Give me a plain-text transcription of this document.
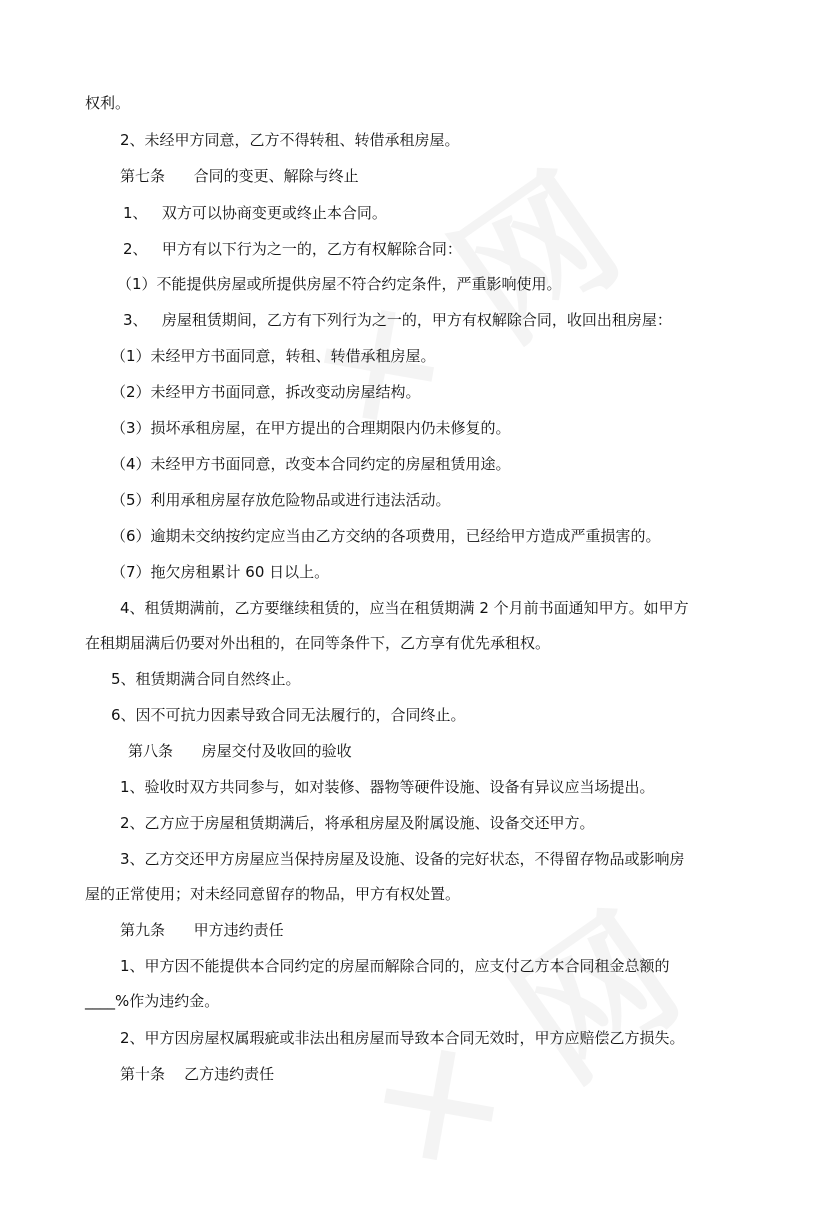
权利。
2、未经甲方同意，乙方不得转租、转借承租房屋。
第七条      合同的变更、解除与终止
1、   双方可以协商变更或终止本合同。
2、   甲方有以下行为之一的，乙方有权解除合同：
（1）不能提供房屋或所提供房屋不符合约定条件，严重影响使用。
3、   房屋租赁期间，乙方有下列行为之一的，甲方有权解除合同，收回出租房屋：
（1）未经甲方书面同意，转租、转借承租房屋。
（2）未经甲方书面同意，拆改变动房屋结构。
（3）损坏承租房屋，在甲方提出的合理期限内仍未修复的。
（4）未经甲方书面同意，改变本合同约定的房屋租赁用途。
（5）利用承租房屋存放危险物品或进行违法活动。
（6）逾期未交纳按约定应当由乙方交纳的各项费用，已经给甲方造成严重损害的。
（7）拖欠房租累计 60 日以上。
4、租赁期满前，乙方要继续租赁的，应当在租赁期满 2 个月前书面通知甲方。如甲方
在租期届满后仍要对外出租的，在同等条件下，乙方享有优先承租权。
5、租赁期满合同自然终止。
6、因不可抗力因素导致合同无法履行的，合同终止。
第八条      房屋交付及收回的验收
1、验收时双方共同参与，如对装修、器物等硬件设施、设备有异议应当场提出。
2、乙方应于房屋租赁期满后，将承租房屋及附属设施、设备交还甲方。
3、乙方交还甲方房屋应当保持房屋及设施、设备的完好状态，不得留存物品或影响房
屋的正常使用；对未经同意留存的物品，甲方有权处置。
第九条      甲方违约责任
1、甲方因不能提供本合同约定的房屋而解除合同的，应支付乙方本合同租金总额的
____%作为违约金。
2、甲方因房屋权属瑕疵或非法出租房屋而导致本合同无效时，甲方应赔偿乙方损失。
第十条    乙方违约责任
